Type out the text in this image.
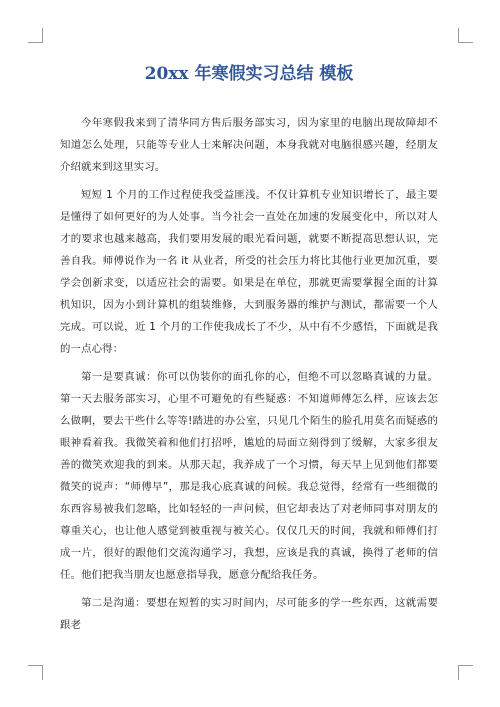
20xx 年寒假实习总结 模板

今年寒假我来到了清华同方售后服务部实习，因为家里的电脑出现故障却不知道怎么处理，只能等专业人士来解决问题，本身我就对电脑很感兴趣，经朋友介绍就来到这里实习。

短短 1 个月的工作过程使我受益匪浅。不仅计算机专业知识增长了，最主要是懂得了如何更好的为人处事。当今社会一直处在加速的发展变化中，所以对人才的要求也越来越高，我们要用发展的眼光看问题，就要不断提高思想认识，完善自我。师傅说作为一名 it 从业者，所受的社会压力将比其他行业更加沉重，要学会创新求变，以适应社会的需要。如果是在单位，那就更需要掌握全面的计算机知识，因为小到计算机的组装维修，大到服务器的维护与测试，都需要一个人完成。可以说，近 1 个月的工作使我成长了不少，从中有不少感悟，下面就是我的一点心得：

第一是要真诚：你可以伪装你的面孔你的心，但绝不可以忽略真诚的力量。第一天去服务部实习，心里不可避免的有些疑惑：不知道师傅怎么样，应该去怎么做啊，要去干些什么等等!踏进的办公室，只见几个陌生的脸孔用莫名而疑惑的眼神看着我。我微笑着和他们打招呼，尴尬的局面立刻得到了缓解，大家多很友善的微笑欢迎我的到来。从那天起，我养成了一个习惯，每天早上见到他们都要微笑的说声：“师傅早”，那是我心底真诚的问候。我总觉得，经常有一些细微的东西容易被我们忽略，比如轻轻的一声问候，但它却表达了对老师同事对朋友的尊重关心，也让他人感觉到被重视与被关心。仅仅几天的时间，我就和师傅们打成一片，很好的跟他们交流沟通学习，我想，应该是我的真诚，换得了老师的信任。他们把我当朋友也愿意指导我，愿意分配给我任务。

第二是沟通：要想在短暂的实习时间内，尽可能多的学一些东西，这就需要跟老
